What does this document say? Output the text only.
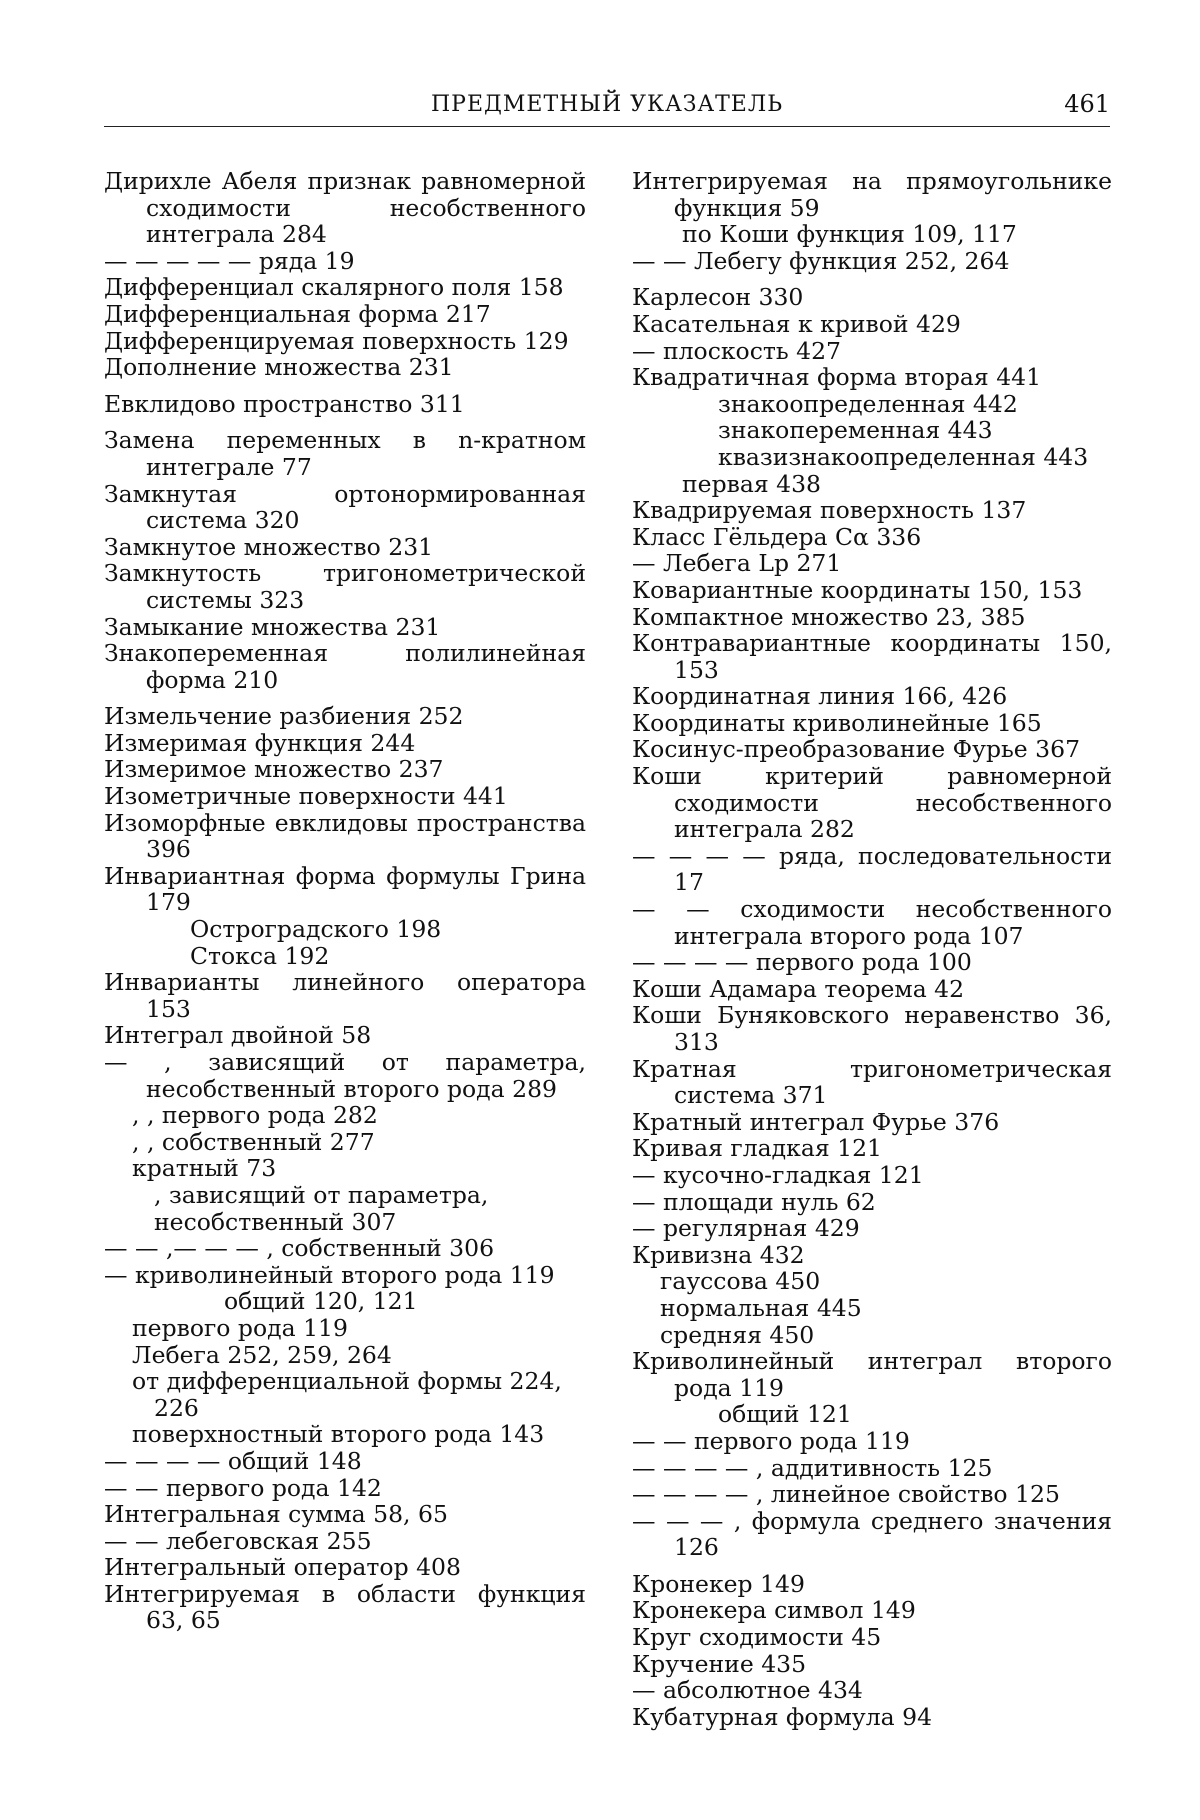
ПРЕДМЕТНЫЙ УКАЗАТЕЛЬ	461

Дирихле Абеля признак равномерной сходимости несобственного интеграла 284

— — — — — ряда 19

Дифференциал скалярного поля 158

Дифференциальная форма 217

Дифференцируемая поверхность 129

Дополнение множества 231

Евклидово пространство 311

Замена переменных в n-кратном интеграле 77

Замкнутая ортонормированная система 320

Замкнутое множество 231

Замкнутость тригонометрической системы 323

Замыкание множества 231

Знакопеременная полилинейная форма 210

Измельчение разбиения 252

Измеримая функция 244

Измеримое множество 237

Изометричные поверхности 441

Изоморфные евклидовы пространства 396

Инвариантная форма формулы Грина 179

Остроградского 198

Стокса 192

Инварианты линейного оператора 153

Интеграл двойной 58

— , зависящий от параметра, несобственный второго рода 289

, , первого рода 282

, , собственный 277

кратный 73

, зависящий от параметра, несобственный 307

— — ,— — — , собственный 306

— криволинейный второго рода 119

общий 120, 121

первого рода 119

Лебега 252, 259, 264

от дифференциальной формы 224,

226

поверхностный второго рода 143

— — — — общий 148

— — первого рода 142

Интегральная сумма 58, 65

— — лебеговская 255

Интегральный оператор 408

Интегрируемая в области функция 63, 65

Интегрируемая на прямоугольнике функция 59

по Коши функция 109, 117

— — Лебегу функция 252, 264

Карлесон 330

Касательная к кривой 429

— плоскость 427

Квадратичная форма вторая 441

знакоопределенная 442

знакопеременная 443

квазизнакоопределенная 443

первая 438

Квадрируемая поверхность 137

Класс Гёльдера Cα 336

— Лебега Lp 271

Ковариантные координаты 150, 153

Компактное множество 23, 385

Контравариантные координаты 150, 153

Координатная линия 166, 426

Координаты криволинейные 165

Косинус-преобразование Фурье 367

Коши критерий равномерной сходимости несобственного интеграла 282

— — — — ряда, последовательности 17

— — сходимости несобственного интеграла второго рода 107

— — — — первого рода 100

Коши Адамара теорема 42

Коши Буняковского неравенство 36, 313

Кратная тригонометрическая система 371

Кратный интеграл Фурье 376

Кривая гладкая 121

— кусочно-гладкая 121

— площади нуль 62

— регулярная 429

Кривизна 432

гауссова 450

нормальная 445

средняя 450

Криволинейный интеграл второго рода 119

общий 121

— — первого рода 119

— — — — , аддитивность 125

— — — — , линейное свойство 125

— — — , формула среднего значения 126

Кронекер 149

Кронекера символ 149

Круг сходимости 45

Кручение 435

— абсолютное 434

Кубатурная формула 94
